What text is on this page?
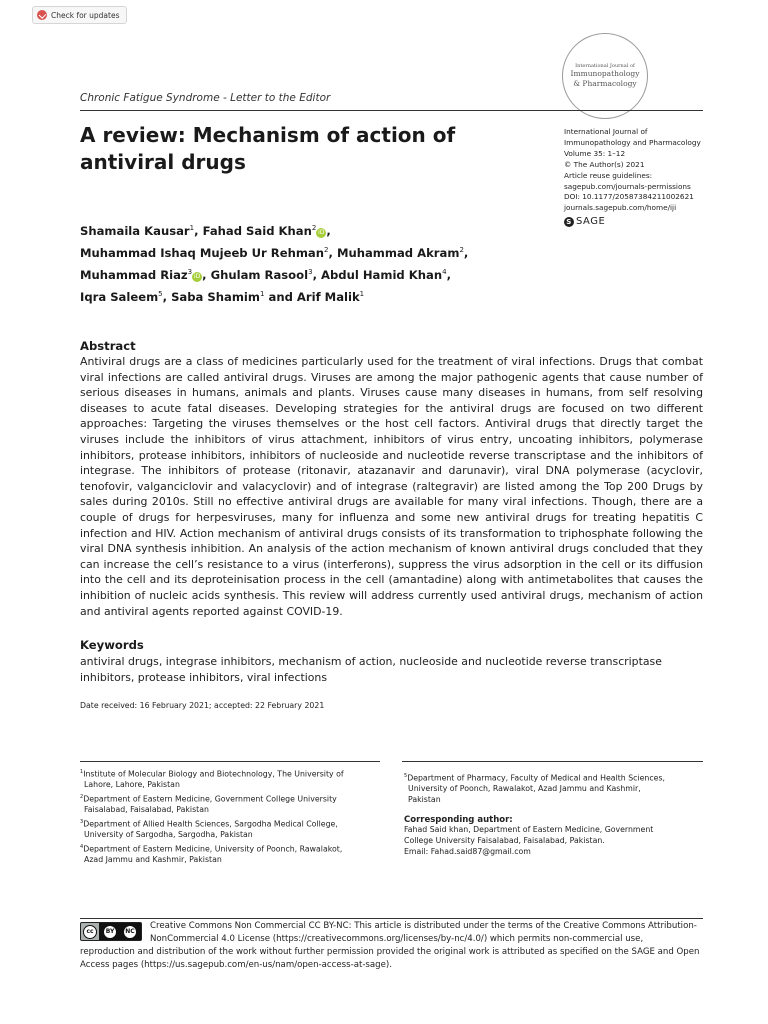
Check for updates
International Journal of
Immunopathology
& Pharmacology
Chronic Fatigue Syndrome - Letter to the Editor
A review: Mechanism of action of antiviral drugs
International Journal of
Immunopathology and Pharmacology
Volume 35: 1–12
© The Author(s) 2021
Article reuse guidelines:
sagepub.com/journals-permissions
DOI: 10.1177/20587384211002621
journals.sagepub.com/home/iji
S SAGE
Shamaila Kausar$^1$, Fahad Said Khan$^2$iD ,
Muhammad Ishaq Mujeeb Ur Rehman$^2$, Muhammad Akram$^2$,
Muhammad Riaz$^3$iD , Ghulam Rasool$^3$, Abdul Hamid Khan$^4$,
Iqra Saleem$^5$, Saba Shamim$^1$ and Arif Malik$^1$
Abstract
Antiviral drugs are a class of medicines particularly used for the treatment of viral infections. Drugs that combat viral infections are called antiviral drugs. Viruses are among the major pathogenic agents that cause number of serious diseases in humans, animals and plants. Viruses cause many diseases in humans, from self resolving diseases to acute fatal diseases. Developing strategies for the antiviral drugs are focused on two different approaches: Targeting the viruses themselves or the host cell factors. Antiviral drugs that directly target the viruses include the inhibitors of virus attachment, inhibitors of virus entry, uncoating inhibitors, polymerase inhibitors, protease inhibitors, inhibitors of nucleoside and nucleotide reverse transcriptase and the inhibitors of integrase. The inhibitors of protease (ritonavir, atazanavir and darunavir), viral DNA polymerase (acyclovir, tenofovir, valganciclovir and valacyclovir) and of integrase (raltegravir) are listed among the Top 200 Drugs by sales during 2010s. Still no effective antiviral drugs are available for many viral infections. Though, there are a couple of drugs for herpesviruses, many for influenza and some new antiviral drugs for treating hepatitis C infection and HIV. Action mechanism of antiviral drugs consists of its transformation to triphosphate following the viral DNA synthesis inhibition. An analysis of the action mechanism of known antiviral drugs concluded that they can increase the cell’s resistance to a virus (interferons), suppress the virus adsorption in the cell or its diffusion into the cell and its deproteinisation process in the cell (amantadine) along with antimetabolites that causes the inhibition of nucleic acids synthesis. This review will address currently used antiviral drugs, mechanism of action and antiviral agents reported against COVID-19.
Keywords
antiviral drugs, integrase inhibitors, mechanism of action, nucleoside and nucleotide reverse transcriptase inhibitors, protease inhibitors, viral infections
Date received: 16 February 2021; accepted: 22 February 2021
$^1$Institute of Molecular Biology and Biotechnology, The University of
Lahore, Lahore, Pakistan
$^2$Department of Eastern Medicine, Government College University
Faisalabad, Faisalabad, Pakistan
$^3$Department of Allied Health Sciences, Sargodha Medical College,
University of Sargodha, Sargodha, Pakistan
$^4$Department of Eastern Medicine, University of Poonch, Rawalakot,
Azad Jammu and Kashmir, Pakistan
$^5$Department of Pharmacy, Faculty of Medical and Health Sciences,
University of Poonch, Rawalakot, Azad Jammu and Kashmir,
Pakistan
Corresponding author:
Fahad Said khan, Department of Eastern Medicine, Government
College University Faisalabad, Faisalabad, Pakistan.
Email: Fahad.said87@gmail.com
Creative Commons Non Commercial CC BY-NC: This article is distributed under the terms of the Creative Commons Attribution-NonCommercial 4.0 License (https://creativecommons.org/licenses/by-nc/4.0/) which permits non-commercial use,
reproduction and distribution of the work without further permission provided the original work is attributed as specified on the SAGE and Open Access pages (https://us.sagepub.com/en-us/nam/open-access-at-sage).
cc	BY NC
